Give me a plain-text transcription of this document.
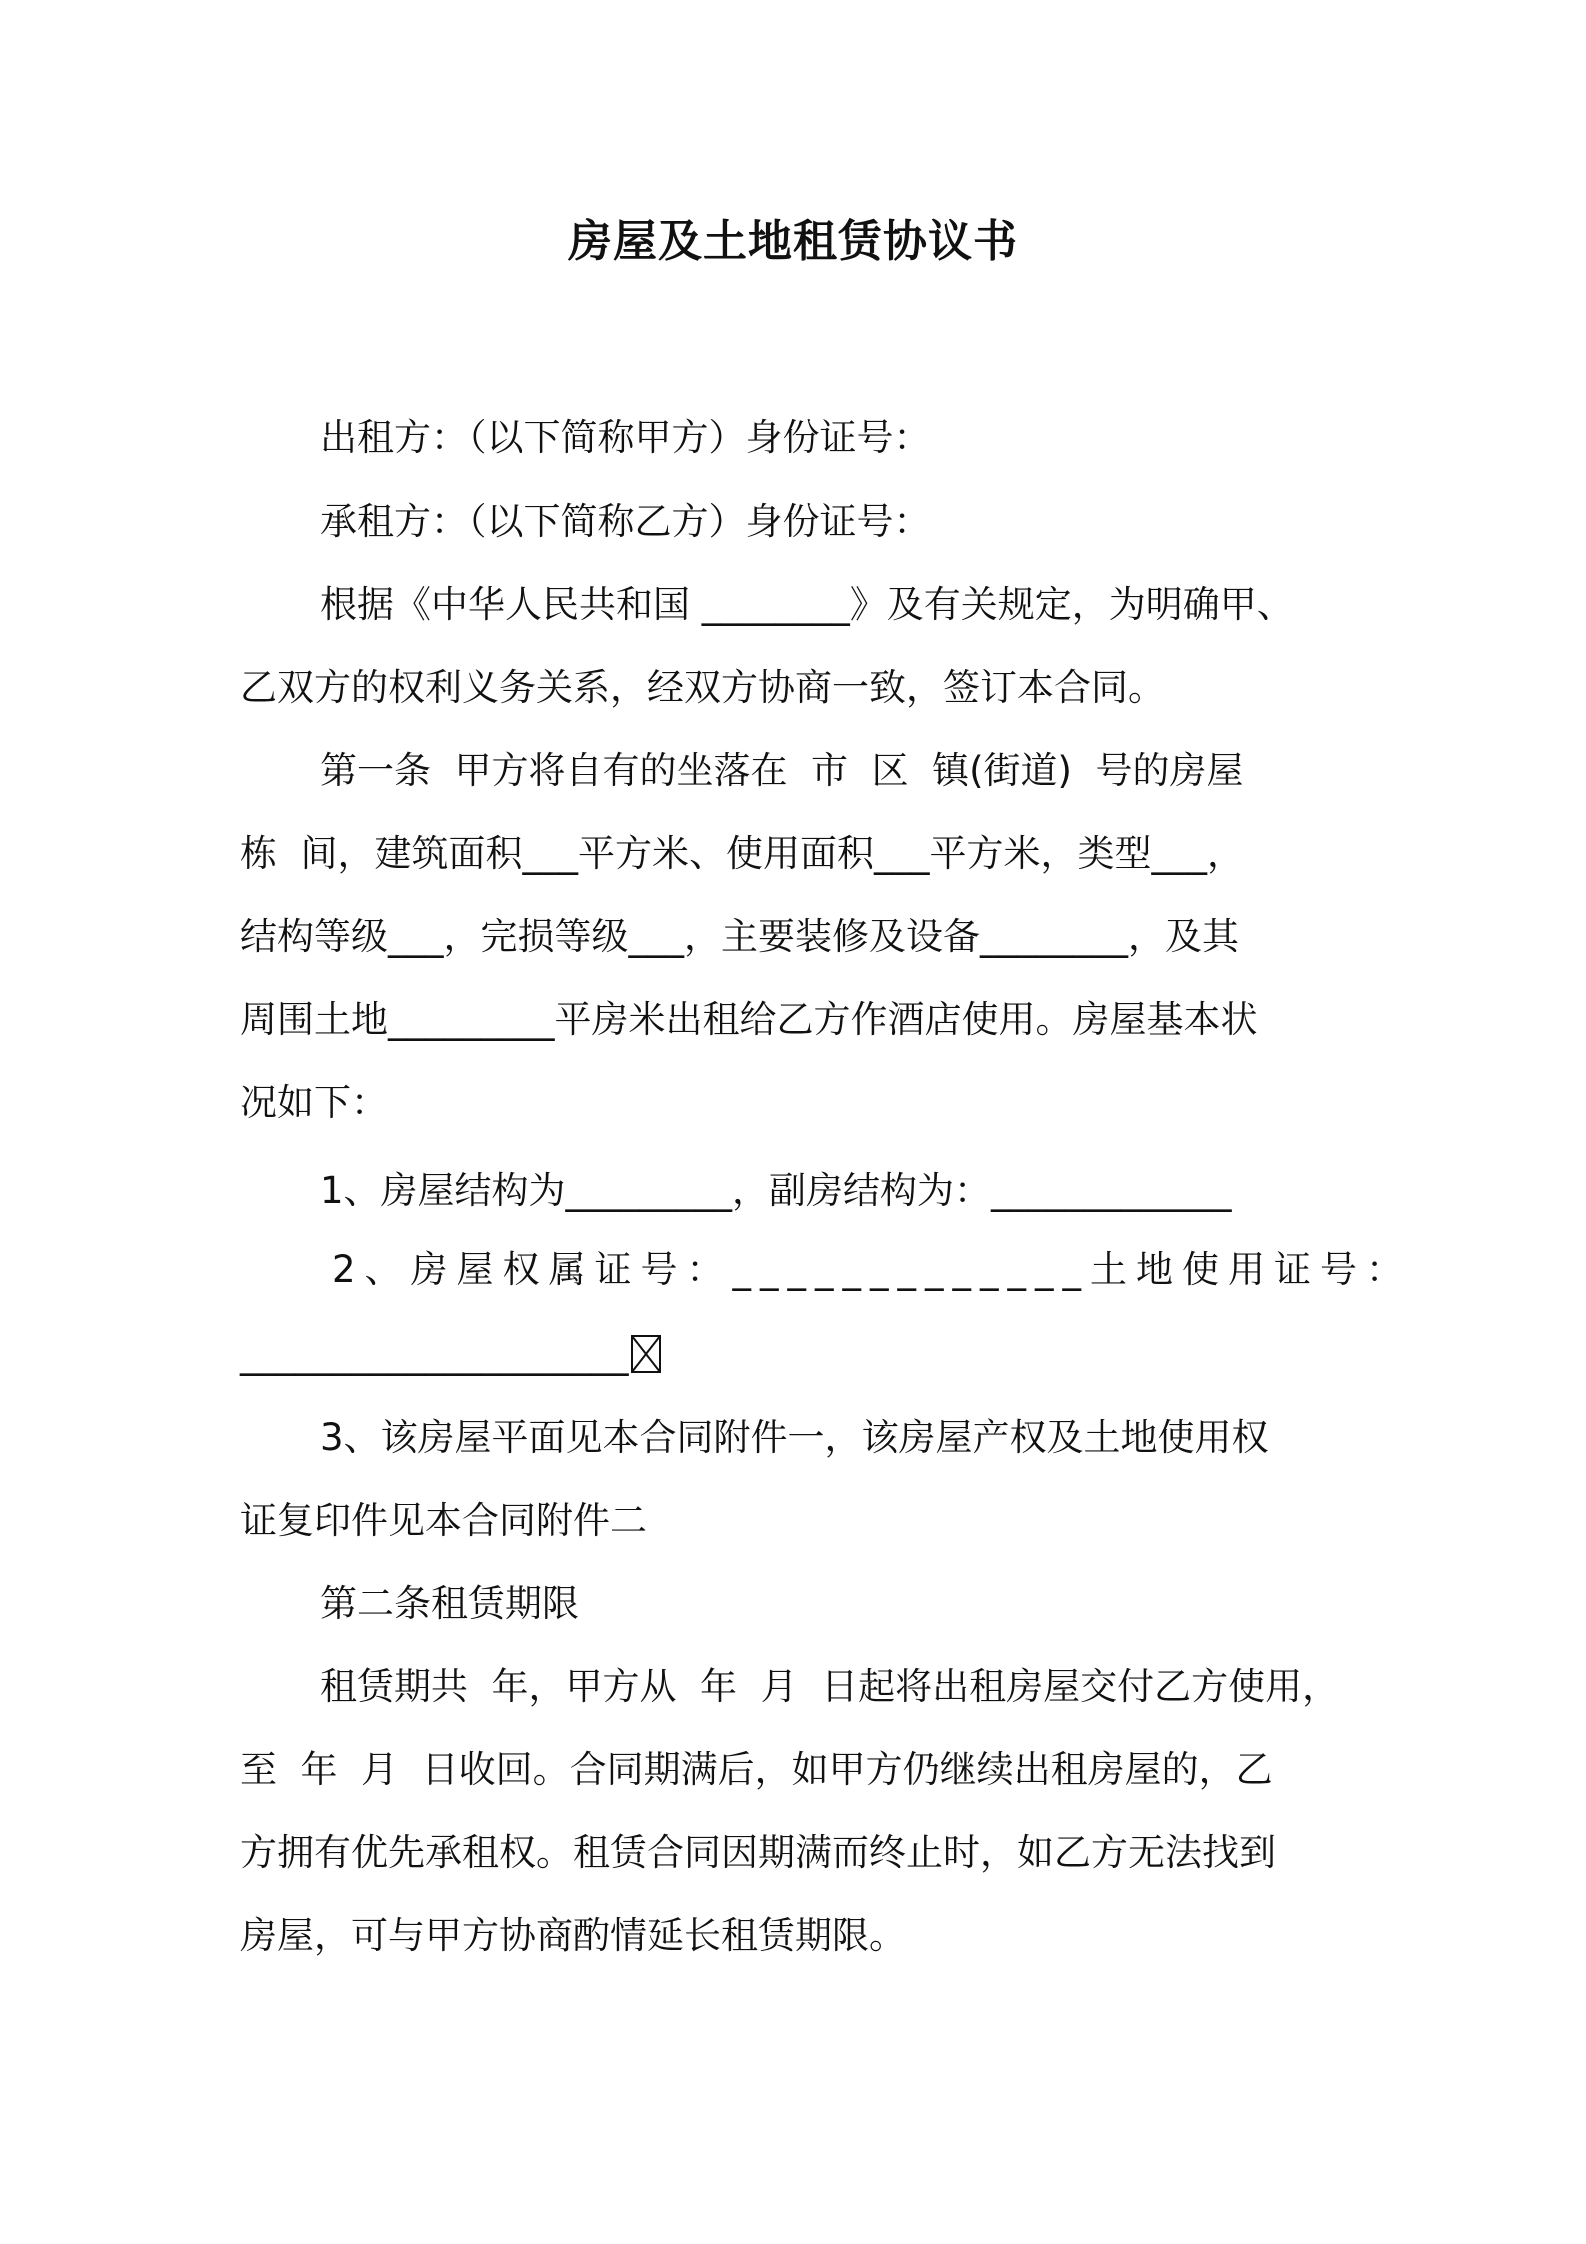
房屋及土地租赁协议书
出租方：（以下简称甲方）身份证号：
承租方：（以下简称乙方）身份证号：
根据《中华人民共和国 ________》及有关规定，为明确甲、
乙双方的权利义务关系，经双方协商一致，签订本合同。
第一条  甲方将自有的坐落在  市  区  镇(街道)  号的房屋
栋  间，建筑面积___平方米、使用面积___平方米，类型___，
结构等级___，完损等级___，主要装修及设备________，及其
周围土地_________平房米出租给乙方作酒店使用。房屋基本状
况如下：
1、房屋结构为_________，副房结构为：_____________
2、房屋权属证号：_____________土地使用证号：
_____________________
3、该房屋平面见本合同附件一，该房屋产权及土地使用权
证复印件见本合同附件二
第二条租赁期限
租赁期共  年，甲方从  年  月  日起将出租房屋交付乙方使用，
至  年  月  日收回。合同期满后，如甲方仍继续出租房屋的，乙
方拥有优先承租权。租赁合同因期满而终止时，如乙方无法找到
房屋，可与甲方协商酌情延长租赁期限。
